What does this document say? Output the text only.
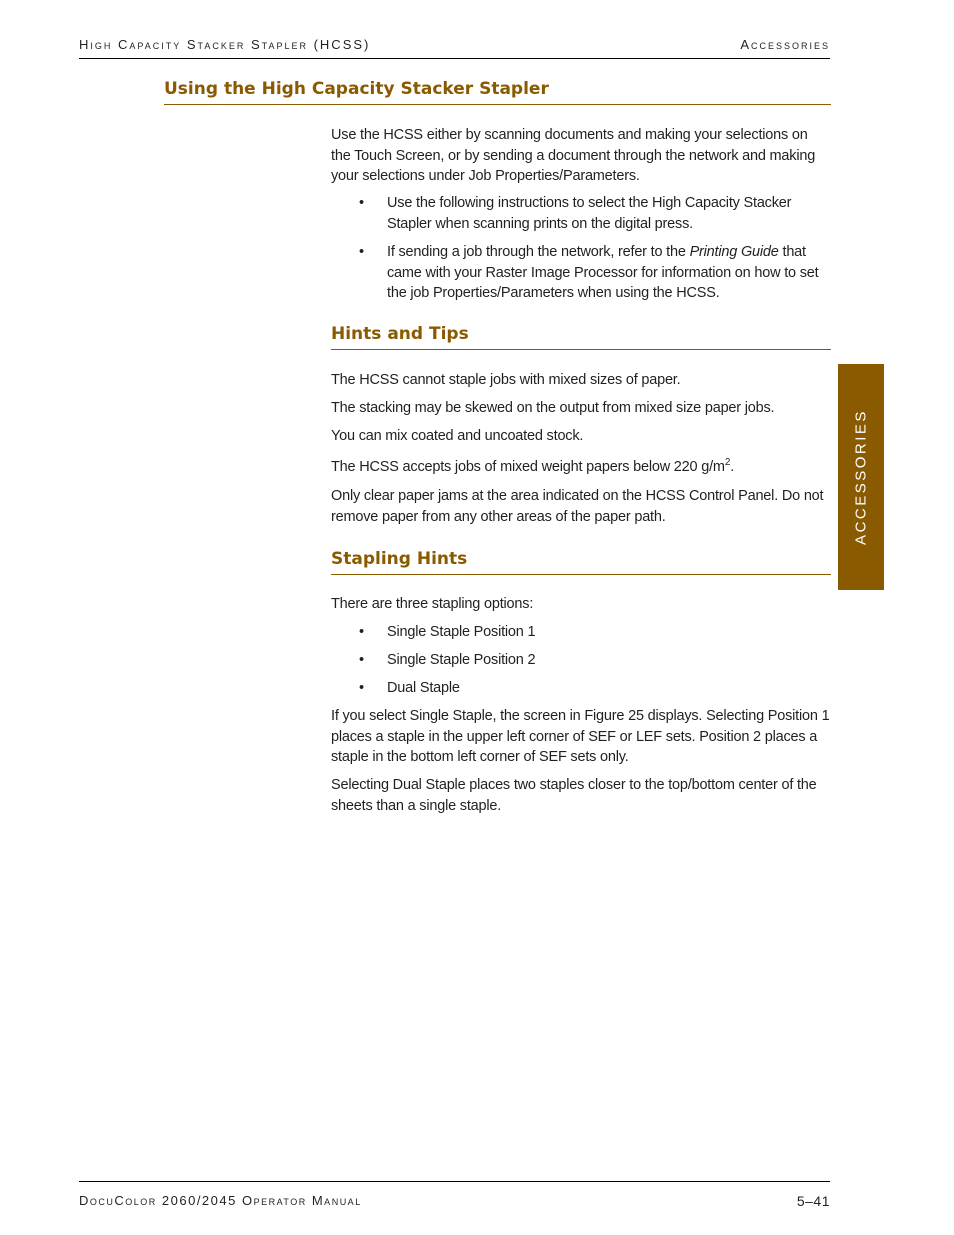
High Capacity Stacker Stapler (HCSS)	Accessories
Using the High Capacity Stacker Stapler

Use the HCSS either by scanning documents and making your selections on the Touch Screen, or by sending a document through the network and making your selections under Job Properties/Parameters.

• Use the following instructions to select the High Capacity Stacker Stapler when scanning prints on the digital press.
• If sending a job through the network, refer to the Printing Guide that came with your Raster Image Processor for information on how to set the job Properties/Parameters when using the HCSS.
Hints and Tips

The HCSS cannot staple jobs with mixed sizes of paper.

The stacking may be skewed on the output from mixed size paper jobs.

You can mix coated and uncoated stock.

The HCSS accepts jobs of mixed weight papers below 220 $g/m^2$.

Only clear paper jams at the area indicated on the HCSS Control Panel. Do not remove paper from any other areas of the paper path.

Stapling Hints

There are three stapling options:

• Single Staple Position 1
• Single Staple Position 2
• Dual Staple

If you select Single Staple, the screen in Figure 25 displays. Selecting Position 1 places a staple in the upper left corner of SEF or LEF sets. Position 2 places a staple in the bottom left corner of SEF sets only.

Selecting Dual Staple places two staples closer to the top/bottom center of the sheets than a single staple.

ACCESSORIES
DocuColor 2060/2045 Operator Manual	5–41
